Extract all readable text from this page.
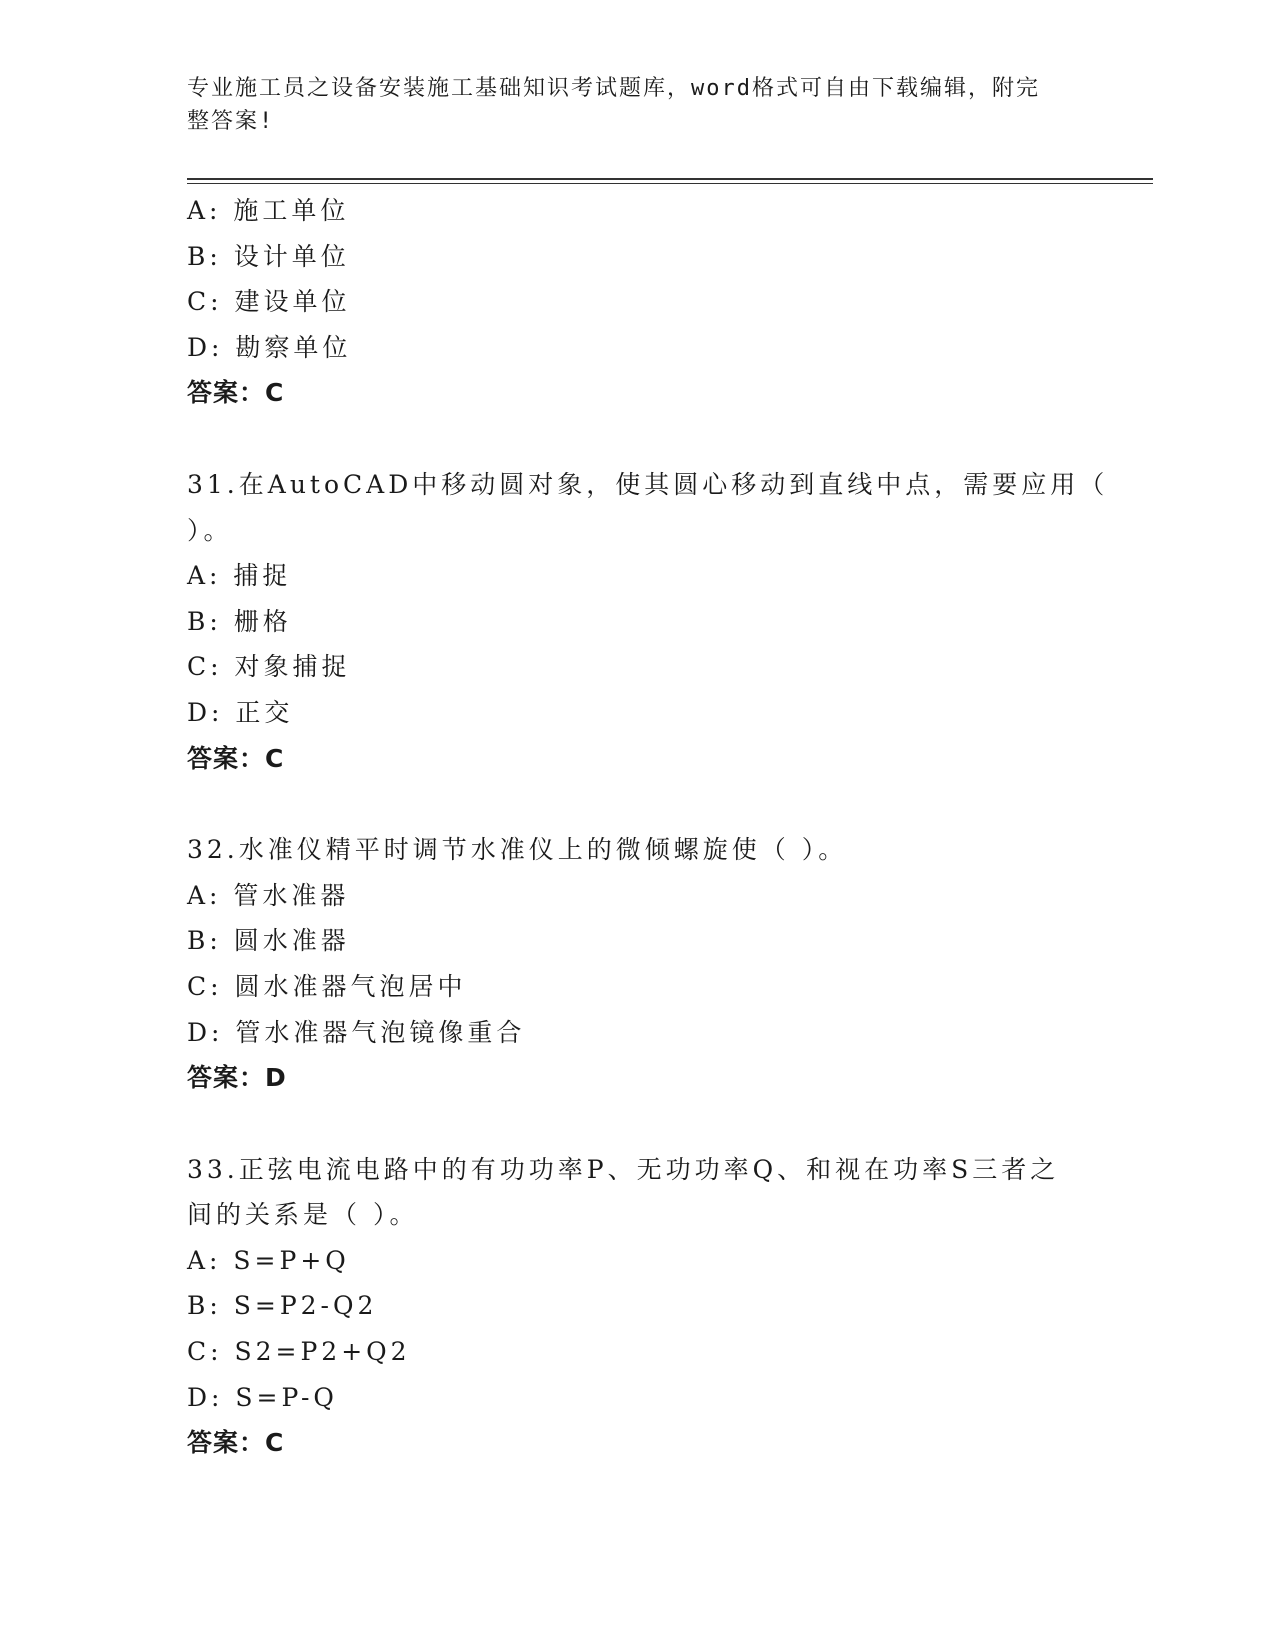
专业施工员之设备安装施工基础知识考试题库，word格式可自由下载编辑，附完
整答案!
A: 施工单位
B: 设计单位
C: 建设单位
D: 勘察单位
答案：C
31.在AutoCAD中移动圆对象，使其圆心移动到直线中点，需要应用（
）。
A: 捕捉
B: 栅格
C: 对象捕捉
D: 正交
答案：C
32.水准仪精平时调节水准仪上的微倾螺旋使（ ）。
A: 管水准器
B: 圆水准器
C: 圆水准器气泡居中
D: 管水准器气泡镜像重合
答案：D
33.正弦电流电路中的有功功率P、无功功率Q、和视在功率S三者之
间的关系是（ ）。
A: S=P+Q
B: S=P2-Q2
C: S2=P2+Q2
D: S=P-Q
答案：C
